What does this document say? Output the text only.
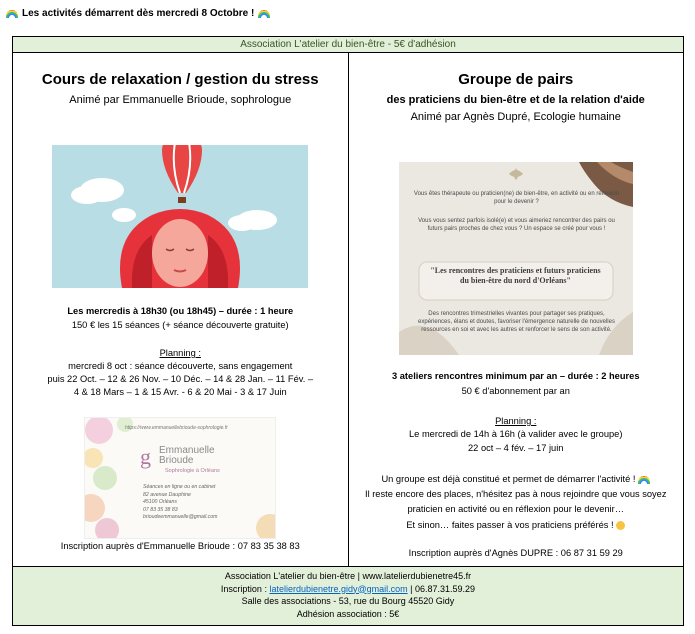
Les activités démarrent dès mercredi 8 Octobre !
Association L'atelier du bien-être - 5€ d'adhésion
Cours de relaxation / gestion du stress
Animé par Emmanuelle Brioude, sophrologue
Les mercredis à 18h30 (ou 18h45) – durée : 1 heure
150 € les 15 séances (+ séance découverte gratuite)
Planning :
mercredi 8 oct : séance découverte, sans engagement
puis 22 Oct. – 12 & 26 Nov. – 10 Déc. – 14 & 28 Jan. – 11 Fév. –
4 & 18 Mars – 1 & 15 Avr. - 6 & 20 Mai - 3 & 17 Juin
g
https://www.emmanuellebrioude-sophrologie.fr
Emmanuelle
Brioude
Sophrologie à Orléans
Séances en ligne ou en cabinet
82 avenue Dauphine
45100 Orléans
07 83 35 38 83
brioudeemmanuelle@gmail.com
Inscription auprès d'Emmanuelle Brioude : 07 83 35 38 83
Groupe de pairs
des praticiens du bien-être et de la relation d'aide
Animé par Agnès Dupré, Ecologie humaine
Vous êtes thérapeute ou praticien(ne) de bien-être, en activité ou en réflexion pour le devenir ?
Vous vous sentez parfois isolé(e) et vous aimeriez rencontrer des pairs ou futurs pairs proches de chez vous ? Un espace se créé pour vous !
"Les rencontres des praticiens et futurs praticiens du bien-être du nord d'Orléans"
Des rencontres trimestrielles vivantes pour partager ses pratiques, expériences, élans et doutes, favoriser l'émergence naturelle de nouvelles ressources en soi et avec les autres et renforcer le sens de son activité.
3 ateliers rencontres minimum par an – durée : 2 heures
50 € d'abonnement par an
Planning :
Le mercredi de 14h à 16h (à valider avec le groupe)
22 oct – 4 fév. – 17 juin
Un groupe est déjà constitué et permet de démarrer l'activité !
Il reste encore des places, n'hésitez pas à nous rejoindre que vous soyez
praticien en activité ou en réflexion pour le devenir…
Et sinon… faites passer à vos praticiens préférés !
Inscription auprès d'Agnès DUPRE : 06 87 31 59 29
Association L'atelier du bien-être | www.latelierdubienetre45.fr
Inscription : latelierdubienetre.gidy@gmail.com | 06.87.31.59.29
Salle des associations - 53, rue du Bourg 45520 Gidy
Adhésion association : 5€
